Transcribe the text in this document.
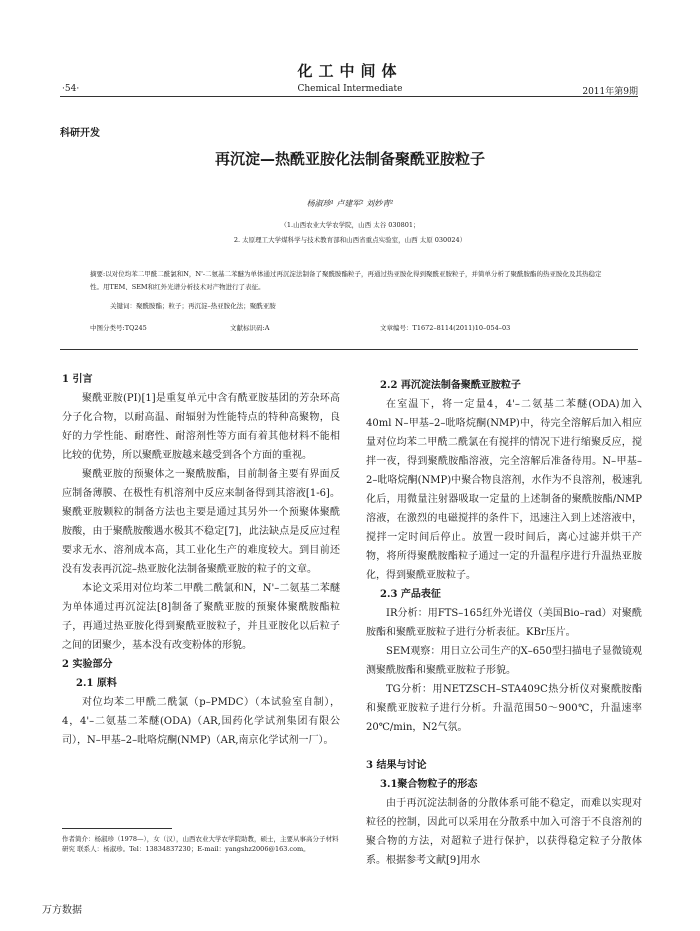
化工中间体
·54·	Chemical Intermediate	2011年第9期
科研开发
再沉淀—热酰亚胺化法制备聚酰亚胺粒子
杨淑珍¹ 卢建军² 刘妙青²
（1.山西农业大学农学院，山西 太谷 030801；
2. 太原理工大学煤科学与技术教育部和山西省重点实验室，山西 太原 030024）
摘要:以对位均苯二甲酰二酰氯和N，N'-二氨基二苯醚为单体通过再沉淀法制备了聚酰胺酯粒子，再通过热亚胺化得到聚酰亚胺粒子，并简单分析了聚酰胺酯的热亚胺化及其热稳定性。用TEM、SEM和红外光谱分析技术对产物进行了表征。
关键词：聚酰胺酯；粒子；再沉淀–热亚胺化法；聚酰亚胺
中图分类号:TQ245	文献标识码:A	文章编号：T1672–8114(2011)10–054–03
1 引言

聚酰亚胺(PI)[1]是重复单元中含有酰亚胺基团的芳杂环高分子化合物，以耐高温、耐辐射为性能特点的特种高聚物，良好的力学性能、耐磨性、耐溶剂性等方面有着其他材料不能相比较的优势，所以聚酰亚胺越来越受到各个方面的重视。

聚酰亚胺的预聚体之一聚酰胺酯，目前制备主要有界面反应制备薄膜、在极性有机溶剂中反应来制备得到其溶液[1-6]。聚酰亚胺颗粒的制备方法也主要是通过其另外一个预聚体聚酰胺酸，由于聚酰胺酸遇水极其不稳定[7]，此法缺点是反应过程要求无水、溶剂成本高，其工业化生产的难度较大。到目前还没有发表再沉淀–热亚胺化法制备聚酰亚胺的粒子的文章。

本论文采用对位均苯二甲酰二酰氯和N，N'–二氨基二苯醚为单体通过再沉淀法[8]制备了聚酰亚胺的预聚体聚酰胺酯粒子，再通过热亚胺化得到聚酰亚胺粒子，并且亚胺化以后粒子之间的团聚少，基本没有改变粉体的形貌。

2 实验部分
2.1 原料

对位均苯二甲酰二酰氯（p–PMDC）（本试验室自制），4，4'–二氨基二苯醚(ODA)（AR,国药化学试剂集团有限公司），N–甲基–2–吡咯烷酮(NMP)（AR,南京化学试剂一厂）。

2.2 再沉淀法制备聚酰亚胺粒子

在室温下，将一定量4，4'–二氨基二苯醚(ODA)加入40ml N–甲基–2–吡咯烷酮(NMP)中，待完全溶解后加入相应量对位均苯二甲酰二酰氯在有搅拌的情况下进行缩聚反应，搅拌一夜，得到聚酰胺酯溶液，完全溶解后准备待用。N–甲基–2–吡咯烷酮(NMP)中聚合物良溶剂，水作为不良溶剂，极速乳化后，用微量注射器吸取一定量的上述制备的聚酰胺酯/NMP溶液，在激烈的电磁搅拌的条件下，迅速注入到上述溶液中，搅拌一定时间后停止。放置一段时间后，离心过滤并烘干产物，将所得聚酰胺酯粒子通过一定的升温程序进行升温热亚胺化，得到聚酰亚胺粒子。

2.3 产品表征

IR分析：用FTS–165红外光谱仪（美国Bio–rad）对聚酰胺酯和聚酰亚胺粒子进行分析表征。KBr压片。

SEM观察：用日立公司生产的X–650型扫描电子显微镜观测聚酰胺酯和聚酰亚胺粒子形貌。

TG分析：用NETZSCH–STA409C热分析仪对聚酰胺酯和聚酰亚胺粒子进行分析。升温范围50～900℃，升温速率20℃/min，N2气氛。

3 结果与讨论
3.1聚合物粒子的形态

由于再沉淀法制备的分散体系可能不稳定，而难以实现对粒径的控制，因此可以采用在分散系中加入可溶于不良溶剂的聚合物的方法，对超粒子进行保护，以获得稳定粒子分散体系。根据参考文献[9]用水

作者简介：杨淑珍（1978—），女（汉），山西农业大学农学院助教，硕士，主要从事高分子材料研究 联系人：杨淑珍。Tel：13834837230；E-mail：yangshz2006@163.com。
万方数据
